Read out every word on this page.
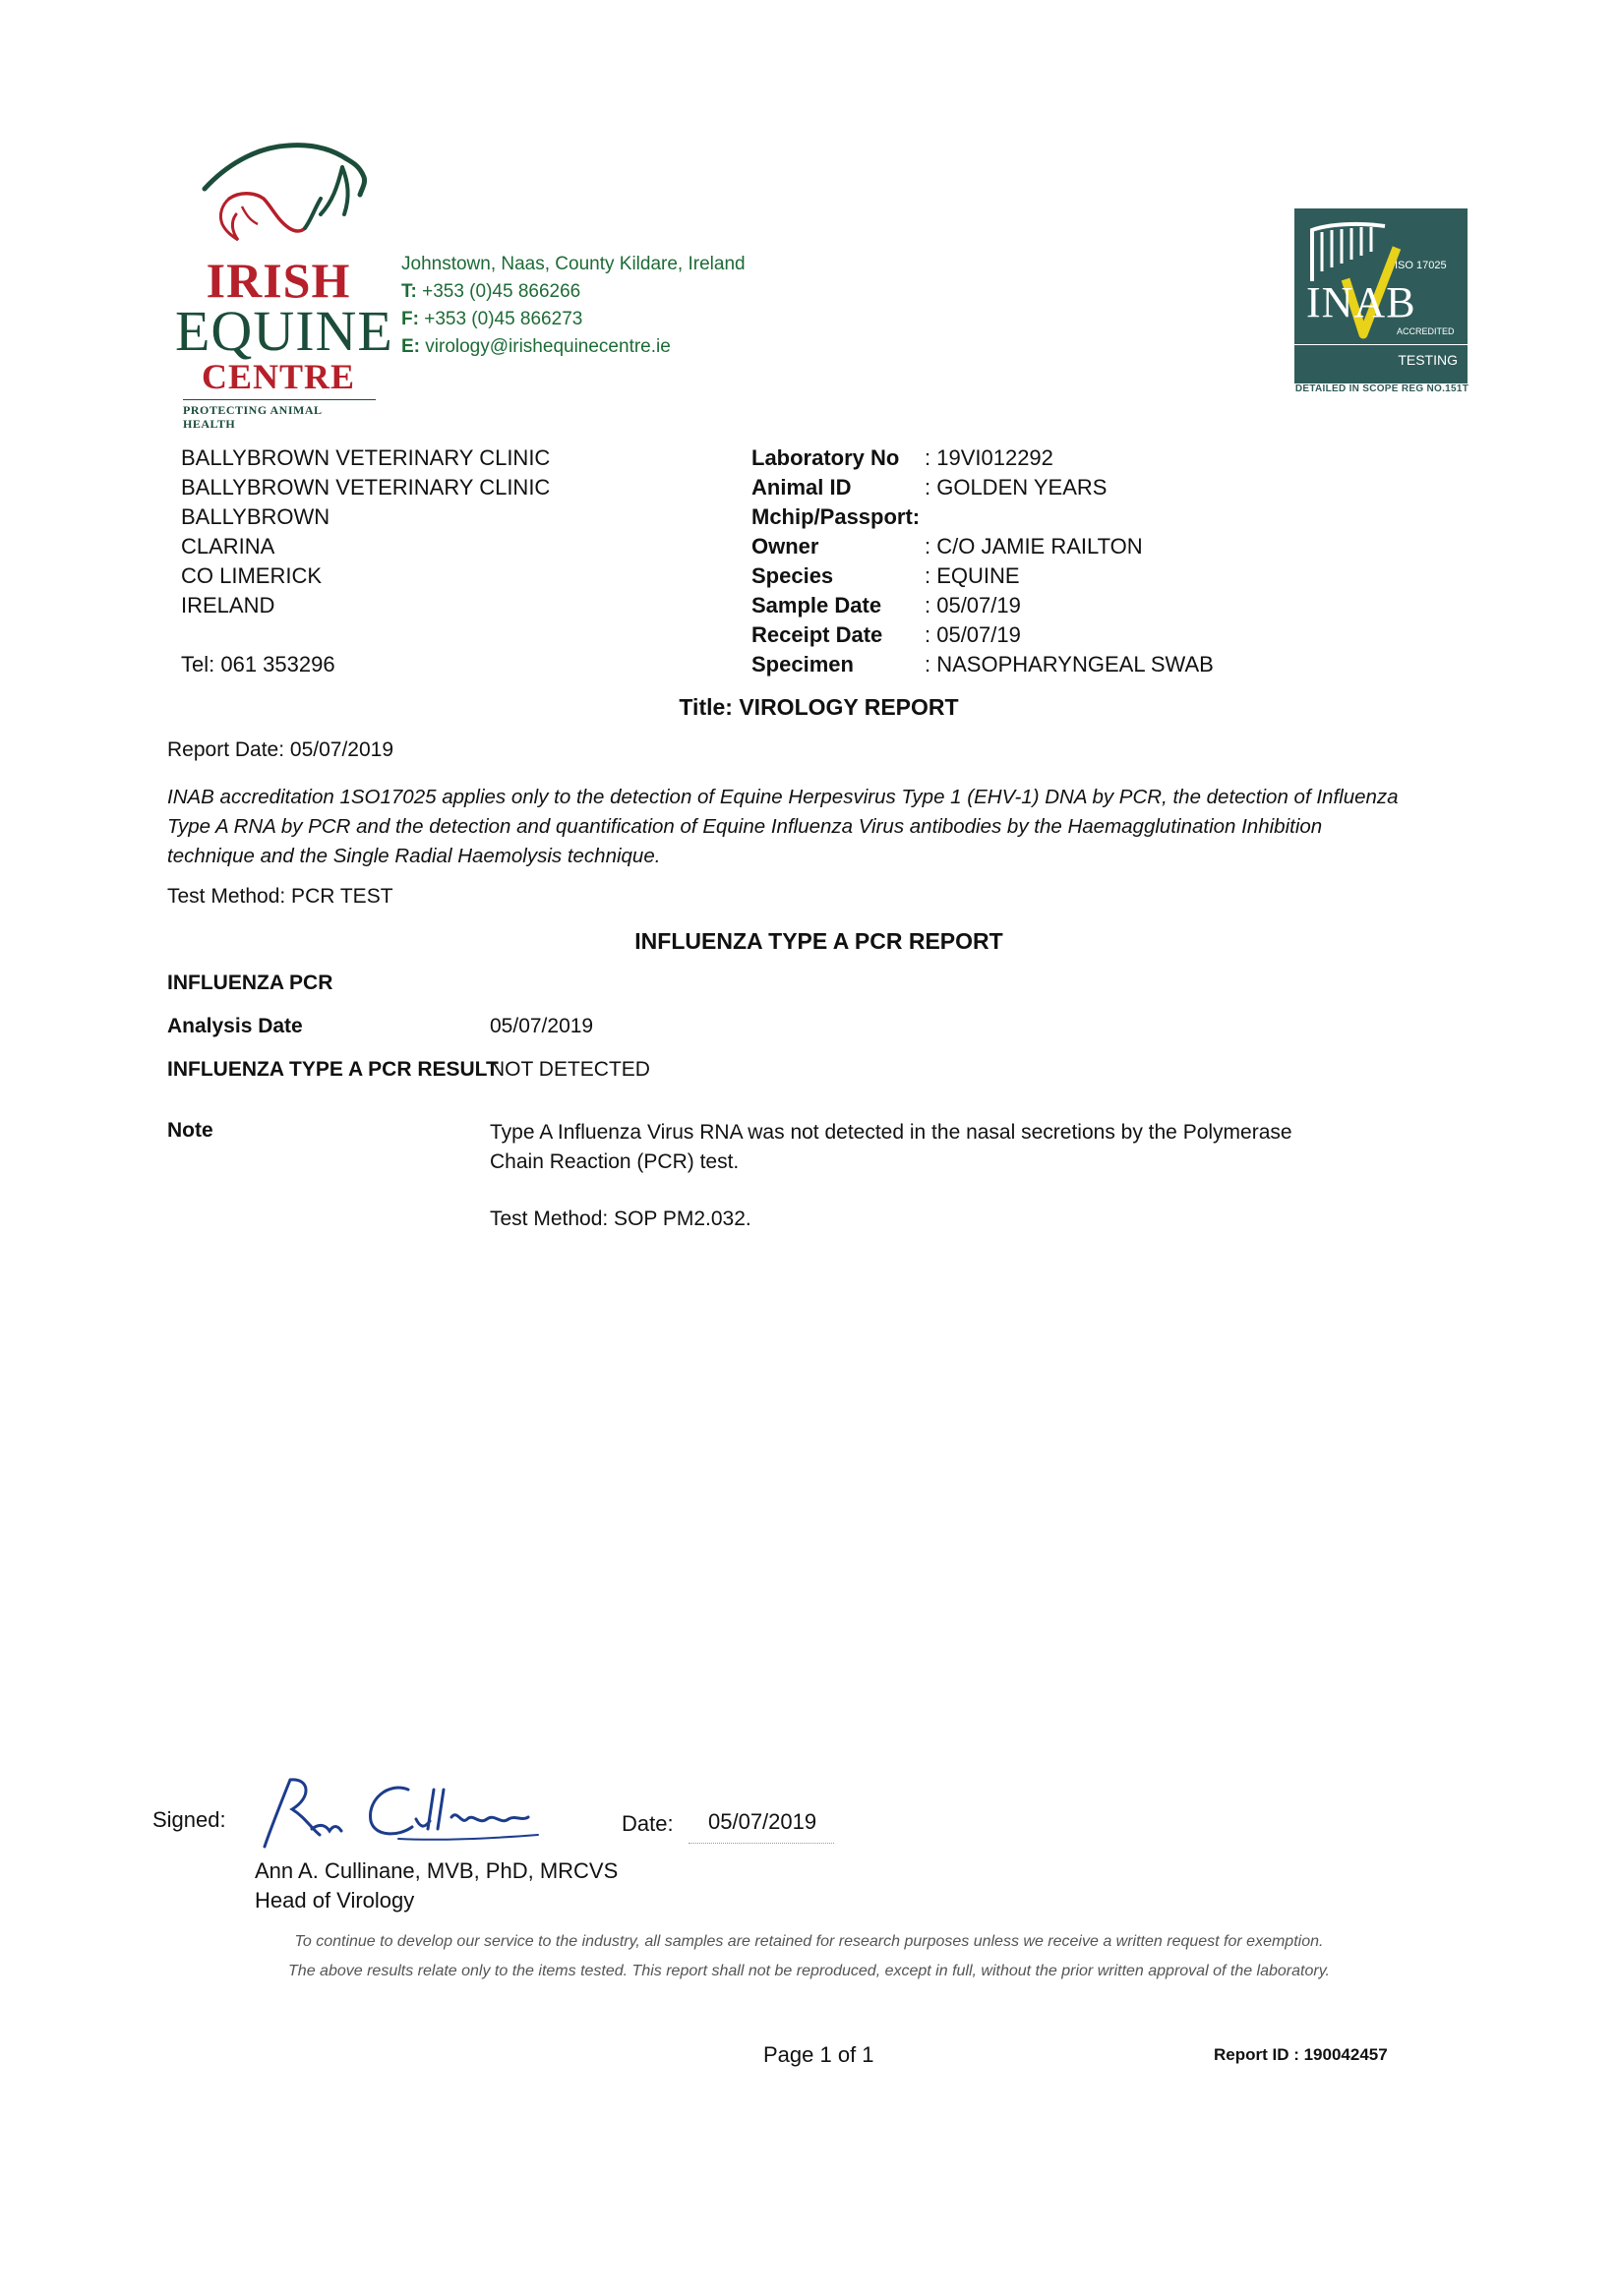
IRISH
EQUINE
CENTRE
PROTECTING ANIMAL HEALTH
Johnstown, Naas, County Kildare, Ireland
T: +353 (0)45 866266
F: +353 (0)45 866273
E: virology@irishequinecentre.ie
ISO 17025
INAB
ACCREDITED
TESTING
DETAILED IN SCOPE REG NO.151T
BALLYBROWN VETERINARY CLINIC
BALLYBROWN VETERINARY CLINIC
BALLYBROWN
CLARINA
CO LIMERICK
IRELAND
Tel: 061 353296
Laboratory No	: 19VI012292
Animal ID	: GOLDEN YEARS
Mchip/Passport:
Owner	: C/O JAMIE RAILTON
Species	: EQUINE
Sample Date	: 05/07/19
Receipt Date	: 05/07/19
Specimen	: NASOPHARYNGEAL SWAB
Title: VIROLOGY REPORT
Report Date: 05/07/2019
INAB accreditation 1SO17025 applies only to the detection of Equine Herpesvirus Type 1 (EHV-1) DNA by PCR, the detection of Influenza Type A RNA by PCR and the detection and quantification of Equine Influenza Virus antibodies by the Haemagglutination Inhibition technique and the Single Radial Haemolysis technique.
Test Method: PCR TEST
INFLUENZA TYPE A PCR REPORT
INFLUENZA PCR
Analysis Date	05/07/2019
INFLUENZA TYPE A PCR RESULT
NOT DETECTED
Note	Type A Influenza Virus RNA was not detected in the nasal secretions by the Polymerase Chain Reaction (PCR) test.
Test Method: SOP PM2.032.
Signed:	Date: 05/07/2019
Ann A. Cullinane, MVB, PhD, MRCVS
Head of Virology
To continue to develop our service to the industry, all samples are retained for research purposes unless we receive a written request for exemption.
The above results relate only to the items tested. This report shall not be reproduced, except in full, without the prior written approval of the laboratory.
Page 1 of 1	Report ID : 190042457
